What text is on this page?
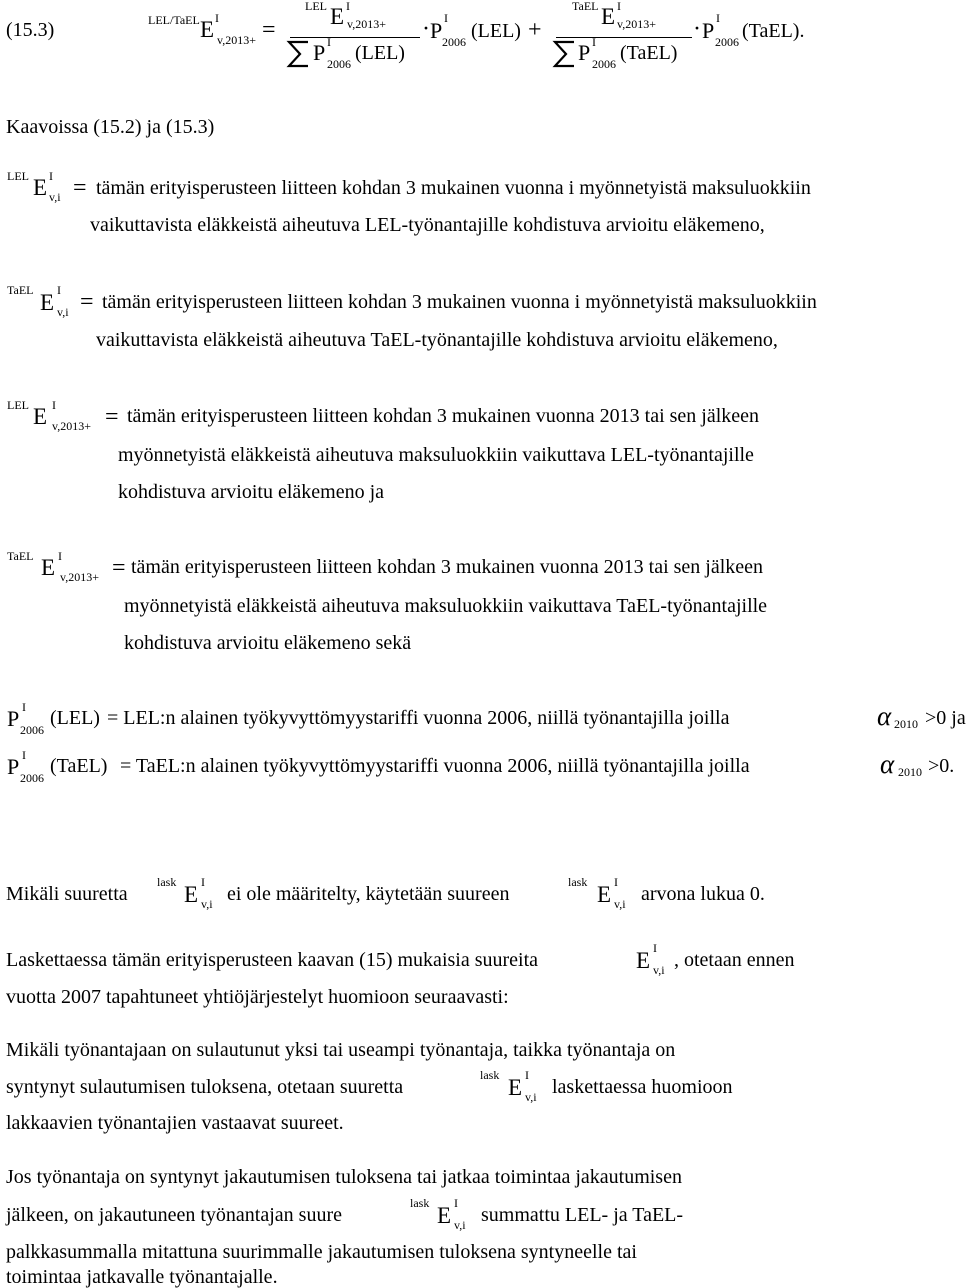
(15.3)	LEL/TaEL E I
v,2013+ =
LEL E I
v,2013+
P I
2006 (LEL)
· P I
2006 (LEL) +
TaEL E I
v,2013+
P I
2006 (TaEL)
· P I
2006 (TaEL).
Kaavoissa (15.2) ja (15.3)
LEL E I
v,i = tämän erityisperusteen liitteen kohdan 3 mukainen vuonna i myönnetyistä maksuluokkiin
vaikuttavista eläkkeistä aiheutuva LEL-työnantajille kohdistuva arvioitu eläkemeno,
TaEL E I
v,i = tämän erityisperusteen liitteen kohdan 3 mukainen vuonna i myönnetyistä maksuluokkiin
vaikuttavista eläkkeistä aiheutuva TaEL-työnantajille kohdistuva arvioitu eläkemeno,
LEL E I
v,2013+ = tämän erityisperusteen liitteen kohdan 3 mukainen vuonna 2013 tai sen jälkeen
myönnetyistä eläkkeistä aiheutuva maksuluokkiin vaikuttava LEL-työnantajille
kohdistuva arvioitu eläkemeno ja
TaEL E I
v,2013+ = tämän erityisperusteen liitteen kohdan 3 mukainen vuonna 2013 tai sen jälkeen
myönnetyistä eläkkeistä aiheutuva maksuluokkiin vaikuttava TaEL-työnantajille
kohdistuva arvioitu eläkemeno sekä
P I
2006
(LEL) = LEL:n alainen työkyvyttömyystariffi vuonna 2006, niillä työnantajilla joilla	α 2010 >0 ja
P I
2006
(TaEL) = TaEL:n alainen työkyvyttömyystariffi vuonna 2006, niillä työnantajilla joilla	α 2010 >0.
Mikäli suuretta
lask E I
v,i ei ole määritelty, käytetään suureen
lask E I
v,i arvona lukua 0.
Laskettaessa tämän erityisperusteen kaavan (15) mukaisia suureita	E I
v,i , otetaan ennen
vuotta 2007 tapahtuneet yhtiöjärjestelyt huomioon seuraavasti:
Mikäli työnantajaan on sulautunut yksi tai useampi työnantaja, taikka työnantaja on
syntynyt sulautumisen tuloksena, otetaan suuretta
lask E I
v,i laskettaessa huomioon
lakkaavien työnantajien vastaavat suureet.
Jos työnantaja on syntynyt jakautumisen tuloksena tai jatkaa toimintaa jakautumisen
jälkeen, on jakautuneen työnantajan suure
lask E I
v,i summattu LEL- ja TaEL-
palkkasummalla mitattuna suurimmalle jakautumisen tuloksena syntyneelle tai
toimintaa jatkavalle työnantajalle.
